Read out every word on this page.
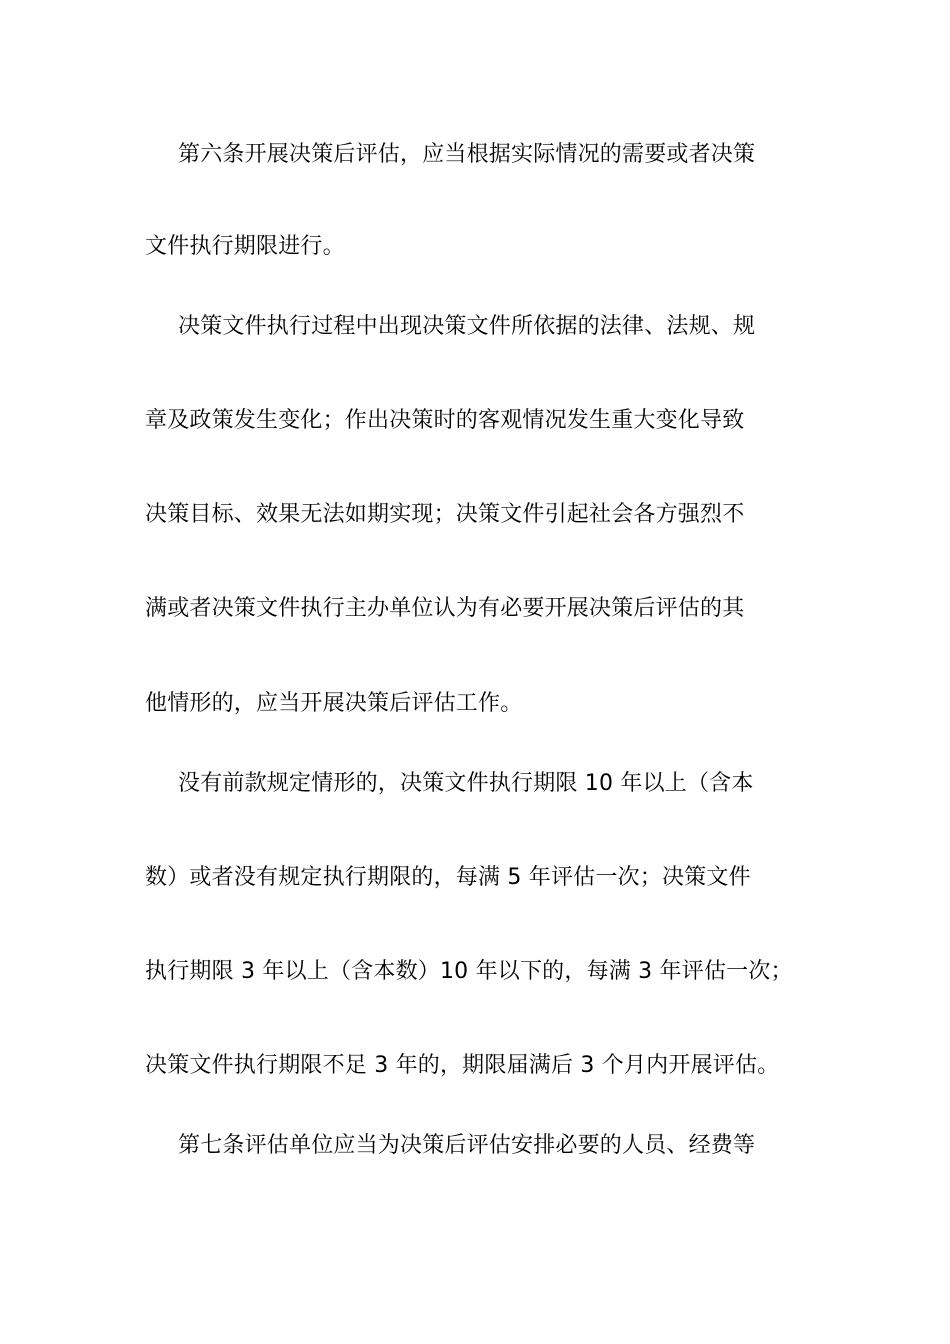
第六条开展决策后评估，应当根据实际情况的需要或者决策
文件执行期限进行。
决策文件执行过程中出现决策文件所依据的法律、法规、规
章及政策发生变化；作出决策时的客观情况发生重大变化导致
决策目标、效果无法如期实现；决策文件引起社会各方强烈不
满或者决策文件执行主办单位认为有必要开展决策后评估的其
他情形的，应当开展决策后评估工作。
没有前款规定情形的，决策文件执行期限 10 年以上（含本
数）或者没有规定执行期限的，每满 5 年评估一次；决策文件
执行期限 3 年以上（含本数）10 年以下的，每满 3 年评估一次；
决策文件执行期限不足 3 年的，期限届满后 3 个月内开展评估。
第七条评估单位应当为决策后评估安排必要的人员、经费等
